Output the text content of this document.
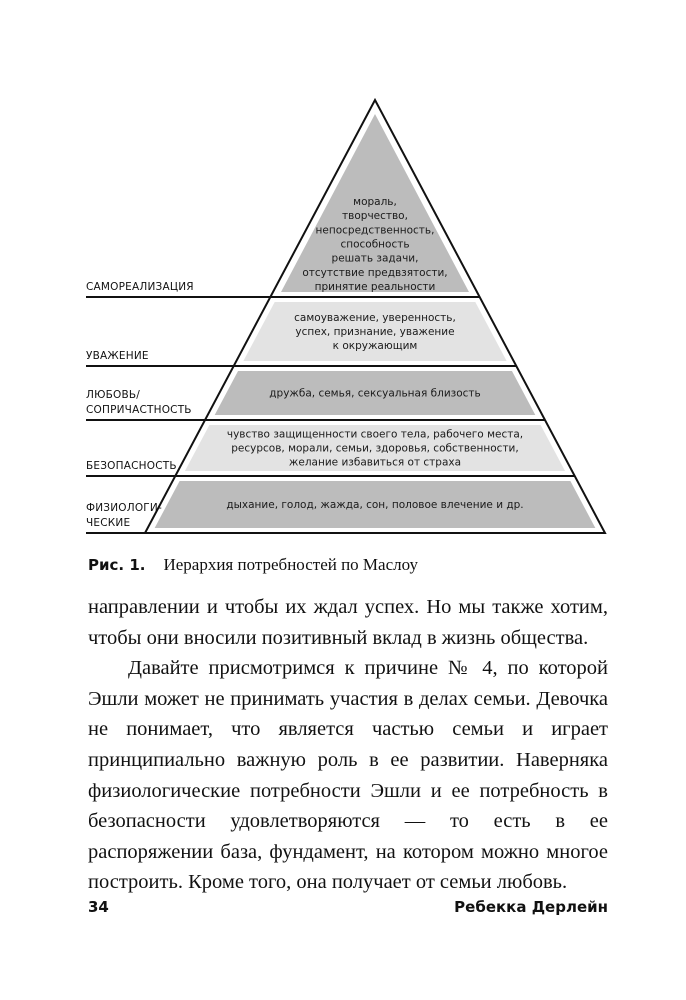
мораль,
творчество,
непосредственность,
способность
решать задачи,
отсутствие предвзятости,
принятие реальности
САМОРЕАЛИЗАЦИЯ
самоуважение, уверенность,
успех, признание, уважение
к окружающим
УВАЖЕНИЕ
дружба, семья, сексуальная близость
ЛЮБОВЬ/
СОПРИЧАСТНОСТЬ
чувство защищенности своего тела, рабочего места,
ресурсов, морали, семьи, здоровья, собственности,
желание избавиться от страха
БЕЗОПАСНОСТЬ
дыхание, голод, жажда, сон, половое влечение и др.
ФИЗИОЛОГИ-
ЧЕСКИЕ
Рис. 1. Иерархия потребностей по Маслоу

направлении и чтобы их ждал успех. Но мы также хотим, чтобы они вносили позитивный вклад в жизнь общества.

Давайте присмотримся к причине № 4, по которой Эшли может не принимать участия в делах семьи. Девочка не понимает, что является частью семьи и играет принципиально важную роль в ее развитии. Наверняка физиологические потребности Эшли и ее потребность в безопасности удовлетворяются — то есть в ее распоряжении база, фундамент, на котором можно многое построить. Кроме того, она получает от семьи любовь.

34	Ребекка Дерлейн
